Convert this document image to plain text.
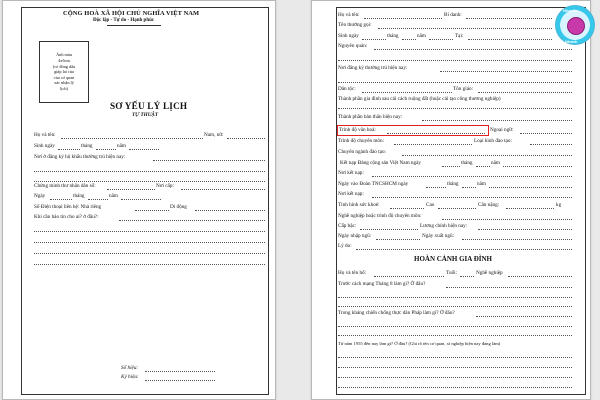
CỘNG HOÀ XÃ HỘI CHỦ NGHĨA VIỆT NAM
Độc lập - Tự do - Hạnh phúc
Ảnh màu
4x6cm
(có đóng dấu
giáp lai của
của cơ quan
xác nhận lý
lịch)
SƠ YẾU LÝ LỊCH
TỰ THUẬT
Họ và tên:	Nam, nữ:
Sinh ngày	tháng	năm
Nơi ở đăng ký hộ khẩu thường trú hiện nay:
Chứng minh thư nhân dân số:	Nơi cấp:
Ngày	tháng	năm
Số Điện thoại liên hệ: Nhà riêng	Di động
Khi cần báo tin cho ai? ở đâu?:
Số hiệu:
Ký hiệu:
Họ và tên:	Bí danh:
Tên thường gọi:
Sinh ngày	tháng	năm	Tại:
Nguyên quán:
Nơi đăng ký thường trú hiện nay:
Dân tộc:	Tôn giáo:
Thành phần gia đình sau cải cách ruộng đất (hoặc cải tạo công thương nghiệp)
Thành phần bản thân hiện nay:
Trình độ văn hoá:	Ngoại ngữ:
Trình độ chuyên môn:	Loại hình đào tạo:
Chuyên ngành đào tạo:
Kết nạp Đảng cộng sản Việt Nam ngày	tháng	năm
Nơi kết nạp:
Ngày vào Đoàn TNCSHCM ngày	tháng	năm
Nơi kết nạp:
Tình hình sức khoẻ:	Cao	Cân nặng:	kg
Nghề nghiệp hoặc trình độ chuyên môn:
Cấp bậc:	Lương chính hiện nay:
Ngày nhập ngũ:	Ngày xuất ngũ:
Lý do:
HOÀN CẢNH GIA ĐÌNH
Họ và tên bố:	Tuổi:	Nghề nghiệp
Trước cách mạng Tháng 8 làm gì? Ở đâu?
Trong kháng chiến chống thực dân Pháp làm gì? Ở đâu?
Từ năm 1955 đến nay làm gì? Ở đâu? (Ghi rõ tên cơ quan, xí nghiệp hiện nay đang làm)
NhanSu
Nhanh
